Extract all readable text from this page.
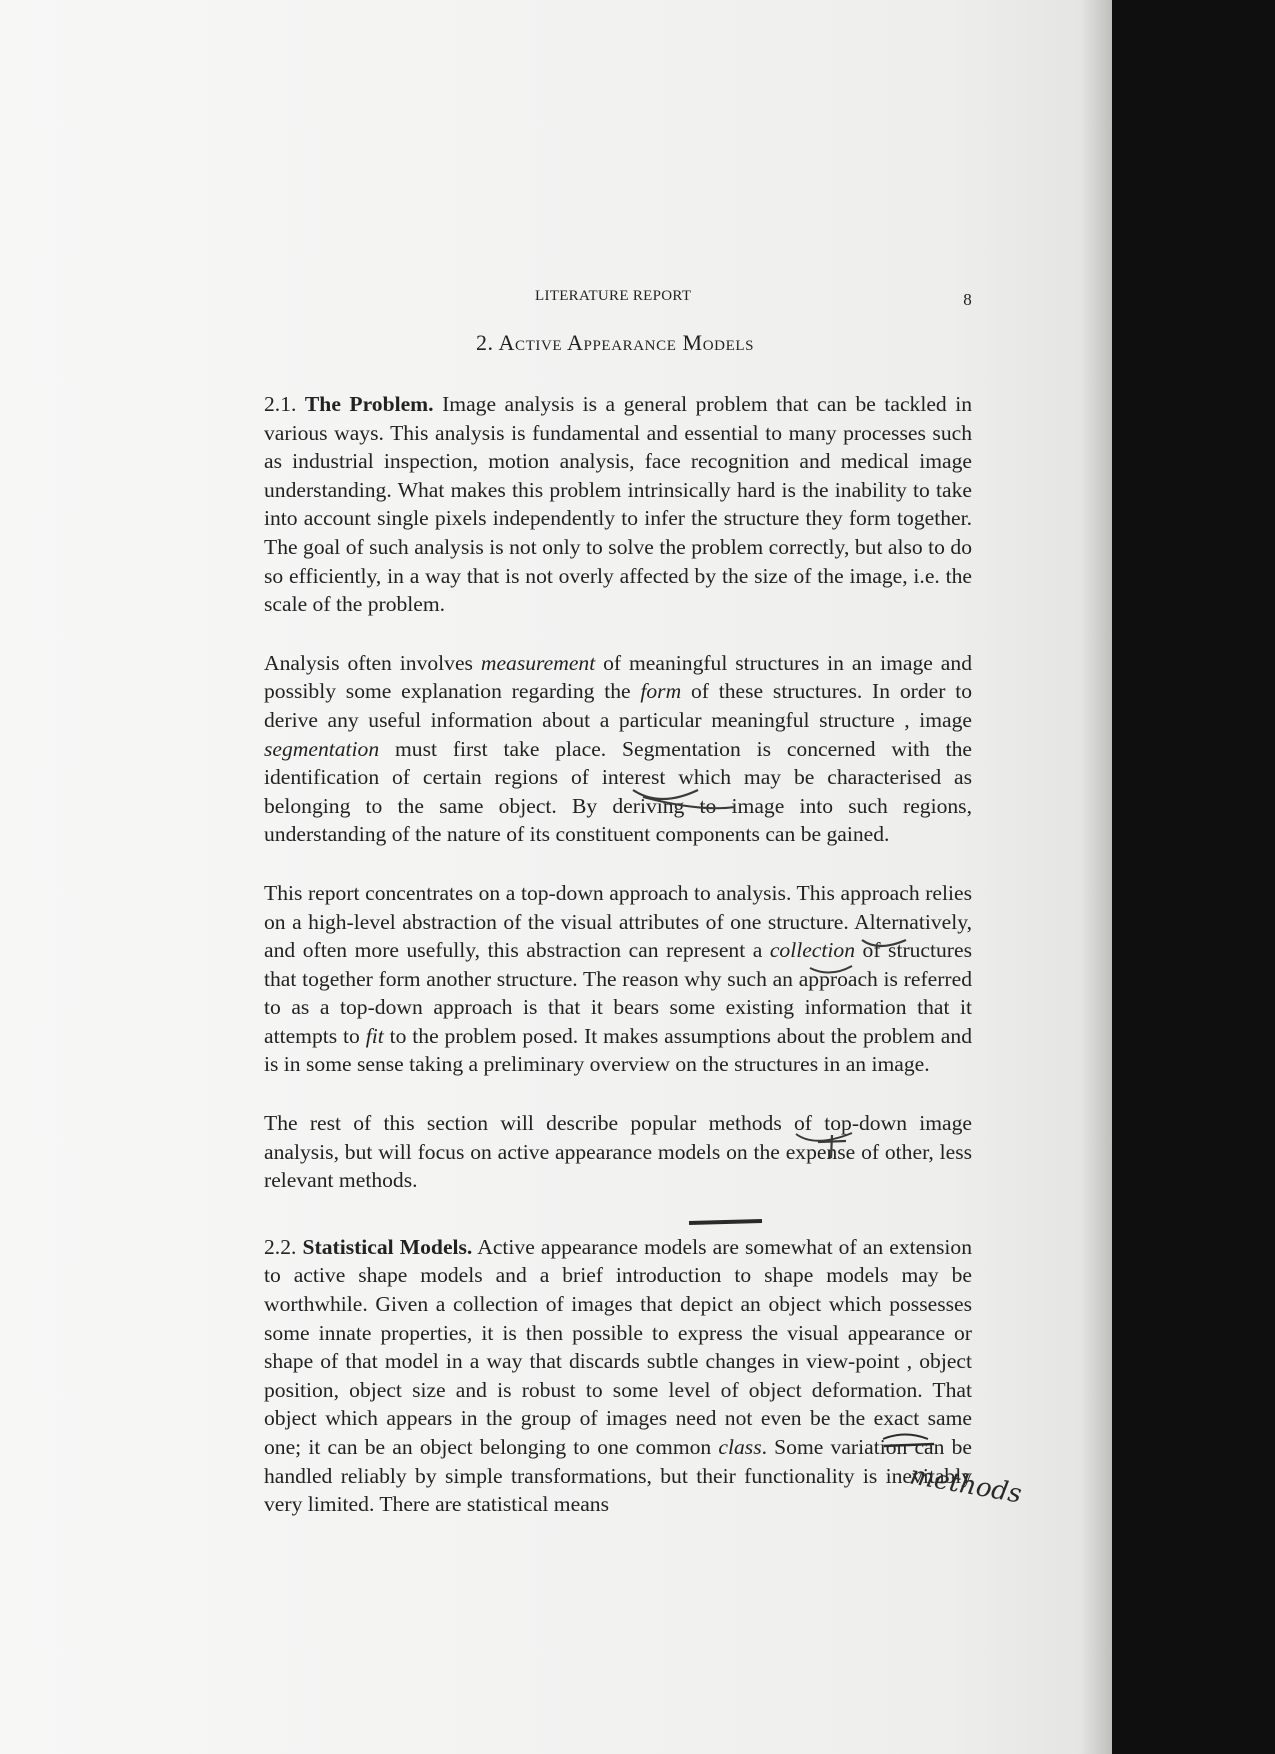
LITERATURE REPORT	8
2. Active Appearance Models

2.1. The Problem. Image analysis is a general problem that can be tackled in various ways. This analysis is fundamental and essential to many processes such as industrial inspection, motion analysis, face recognition and medical image understanding. What makes this problem intrinsically hard is the inability to take into account single pixels independently to infer the structure they form together. The goal of such analysis is not only to solve the problem correctly, but also to do so efficiently, in a way that is not overly affected by the size of the image, i.e. the scale of the problem.

Analysis often involves measurement of meaningful structures in an image and possibly some explanation regarding the form of these structures. In order to derive any useful information about a particular meaningful structure , image segmentation must first take place. Segmentation is concerned with the identification of certain regions of interest which may be characterised as belonging to the same object. By deriving to image into such regions, understanding of the nature of its constituent components can be gained.

This report concentrates on a top-down approach to analysis. This approach relies on a high-level abstraction of the visual attributes of one structure. Alternatively, and often more usefully, this abstraction can represent a collection of structures that together form another structure. The reason why such an approach is referred to as a top-down approach is that it bears some existing information that it attempts to fit to the problem posed. It makes assumptions about the problem and is in some sense taking a preliminary overview on the structures in an image.

The rest of this section will describe popular methods of top-down image analysis, but will focus on active appearance models on the expense of other, less relevant methods.

2.2. Statistical Models. Active appearance models are somewhat of an extension to active shape models and a brief introduction to shape models may be worthwhile. Given a collection of images that depict an object which possesses some innate properties, it is then possible to express the visual appearance or shape of that model in a way that discards subtle changes in view-point , object position, object size and is robust to some level of object deformation. That object which appears in the group of images need not even be the exact same one; it can be an object belonging to one common class. Some variation can be handled reliably by simple transformations, but their functionality is inevitably very limited. There are statistical means	methods
